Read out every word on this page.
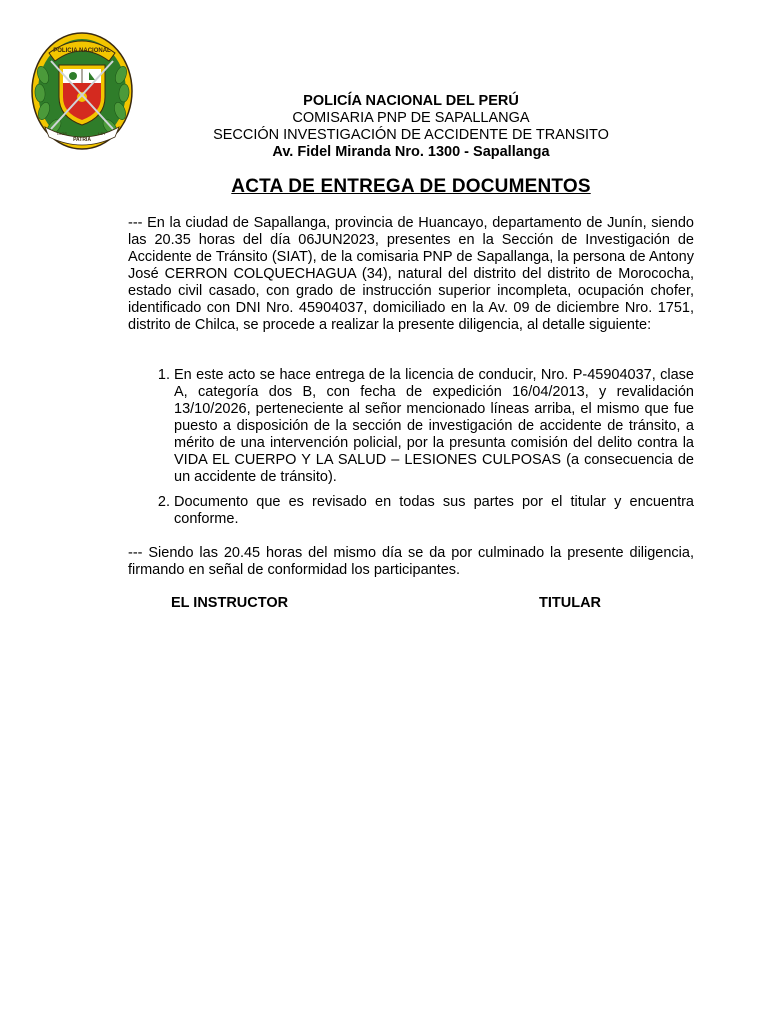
POLICIA NACIONAL
DIOS
PATRIA
LEY
POLICÍA NACIONAL DEL PERÚ
COMISARIA PNP DE SAPALLANGA
SECCIÓN INVESTIGACIÓN DE ACCIDENTE DE TRANSITO
Av. Fidel Miranda Nro. 1300 - Sapallanga
ACTA DE ENTREGA DE DOCUMENTOS
--- En la ciudad de Sapallanga, provincia de Huancayo, departamento de Junín, siendo las 20.35 horas del día 06JUN2023, presentes en la Sección de Investigación de Accidente de Tránsito (SIAT), de la comisaria PNP de Sapallanga, la persona de Antony José CERRON COLQUECHAGUA (34), natural del distrito del distrito de Morococha, estado civil casado, con grado de instrucción superior incompleta, ocupación chofer, identificado con DNI Nro. 45904037, domiciliado en la Av. 09 de diciembre Nro. 1751, distrito de Chilca, se procede a realizar la presente diligencia, al detalle siguiente:
1. En este acto se hace entrega de la licencia de conducir, Nro. P-45904037, clase A, categoría dos B, con fecha de expedición 16/04/2013, y revalidación 13/10/2026, perteneciente al señor mencionado líneas arriba, el mismo que fue puesto a disposición de la sección de investigación de accidente de tránsito, a mérito de una intervención policial, por la presunta comisión del delito contra la VIDA EL CUERPO Y LA SALUD – LESIONES CULPOSAS (a consecuencia de un accidente de tránsito).
2. Documento que es revisado en todas sus partes por el titular y encuentra conforme.
--- Siendo las 20.45 horas del mismo día se da por culminado la presente diligencia, firmando en señal de conformidad los participantes.
EL INSTRUCTOR	TITULAR
